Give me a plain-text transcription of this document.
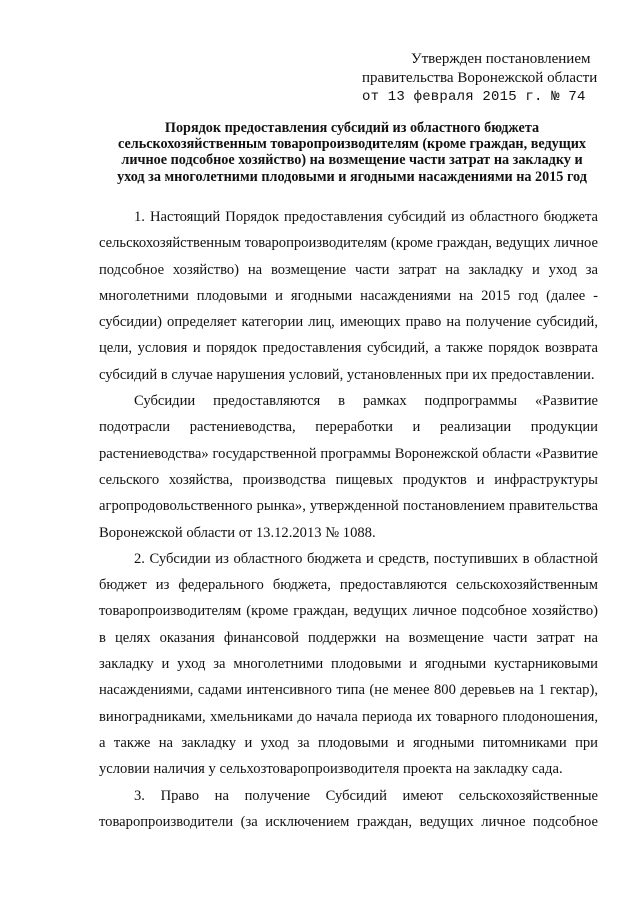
Утвержден постановлением
правительства Воронежской области
от 13 февраля 2015 г. № 74
Порядок предоставления субсидий из областного бюджета
сельскохозяйственным товаропроизводителям (кроме граждан, ведущих
личное подсобное хозяйство) на возмещение части затрат на закладку и
уход за многолетними плодовыми и ягодными насаждениями на 2015 год
1. Настоящий Порядок предоставления субсидий из областного бюджета
сельскохозяйственным товаропроизводителям (кроме граждан, ведущих личное
подсобное хозяйство) на возмещение части затрат на закладку и уход за
многолетними плодовыми и ягодными насаждениями на 2015 год (далее -
субсидии) определяет категории лиц, имеющих право на получение субсидий,
цели, условия и порядок предоставления субсидий, а также порядок возврата
субсидий в случае нарушения условий, установленных при их предоставлении.
Субсидии предоставляются в рамках подпрограммы «Развитие
подотрасли растениеводства, переработки и реализации продукции
растениеводства» государственной программы Воронежской области «Развитие
сельского хозяйства, производства пищевых продуктов и инфраструктуры
агропродовольственного рынка», утвержденной постановлением правительства
Воронежской области от 13.12.2013 № 1088.
2. Субсидии из областного бюджета и средств, поступивших в областной
бюджет из федерального бюджета, предоставляются сельскохозяйственным
товаропроизводителям (кроме граждан, ведущих личное подсобное хозяйство)
в целях оказания финансовой поддержки на возмещение части затрат на
закладку и уход за многолетними плодовыми и ягодными кустарниковыми
насаждениями, садами интенсивного типа (не менее 800 деревьев на 1 гектар),
виноградниками, хмельниками до начала периода их товарного плодоношения,
а также на закладку и уход за плодовыми и ягодными питомниками при
условии наличия у сельхозтоваропроизводителя проекта на закладку сада.
3. Право на получение Субсидий имеют сельскохозяйственные
товаропроизводители (за исключением граждан, ведущих личное подсобное
